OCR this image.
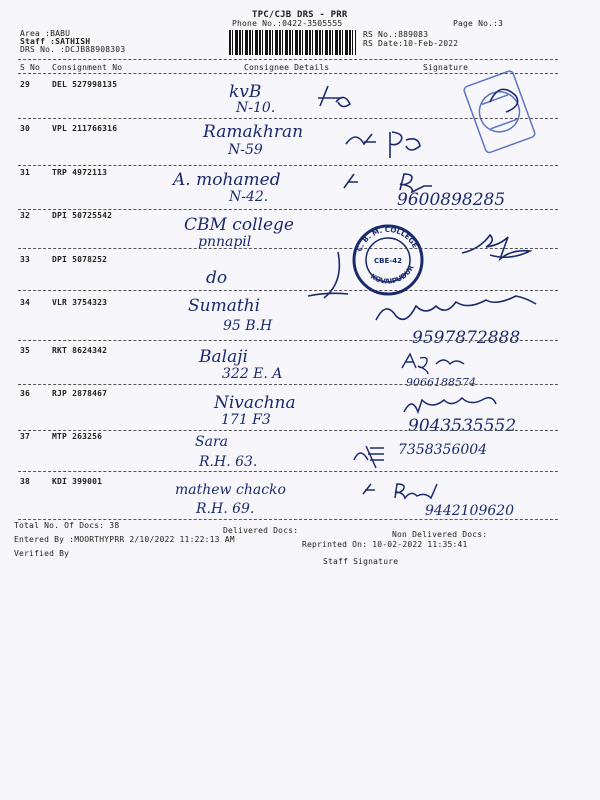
TPC/CJB DRS - PRR
Phone No.:0422-3505555	Page No.:3
Area :BABU
Staff :SATHISH
DRS No. :DCJB88908303
RS No.:889083
RS Date:10-Feb-2022
S No Consignment No	Consignee Details	Signature
29	DEL 527998135	kvB
N-10.
30	VPL 211766316	Ramakhran
N-59
31	TRP 4972113	A. mohamed
N-42.	9600898285
32	DPI 50725542	CBM college
pnnapil
33	DPI 5078252
do
C. B. M. COLLEGE
KOVAIPUDUR
CBE-42
34	VLR 3754323	Sumathi
95 B.H
9597872888
35	RKT 8624342	Balaji
322 E. A
9066188574
36	RJP 2878467	Nivachna
171 F3	9043535552
37	MTP 263256	Sara
R.H. 63.
7358356004
38	KDI 399001
mathew chacko
R.H. 69.	9442109620
Total No. Of Docs: 38
Delivered Docs:	Non Delivered Docs:
Entered By :MOORTHYPRR 2/10/2022 11:22:13 AM
Reprinted On: 10-02-2022 11:35:41
Verified By
Staff Signature
